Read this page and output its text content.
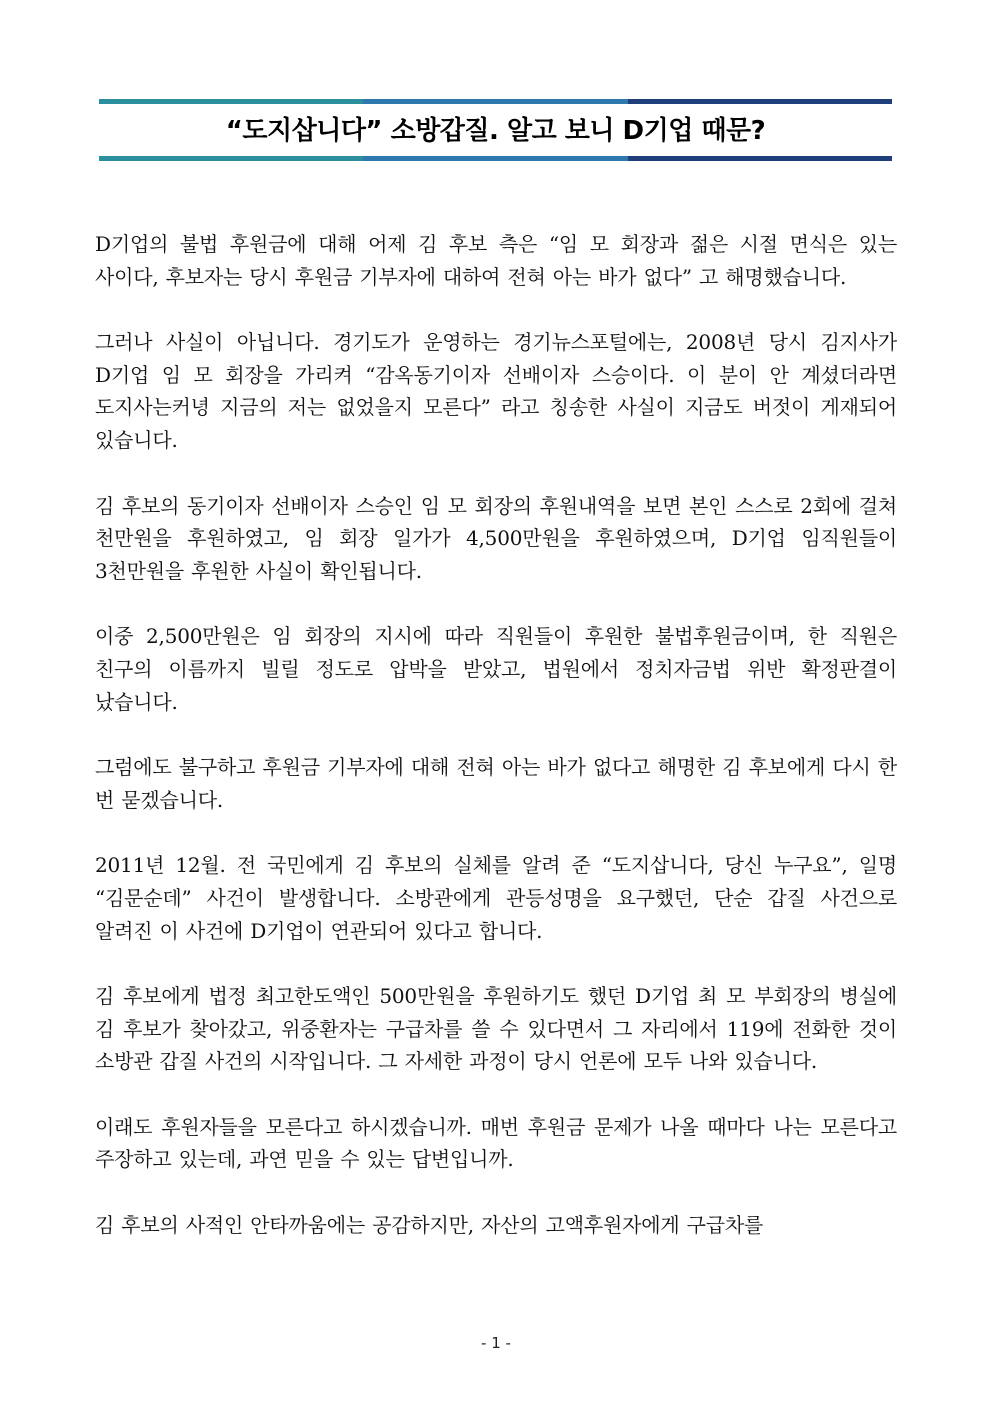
“도지삽니다” 소방갑질. 알고 보니 D기업 때문?

D기업의 불법 후원금에 대해 어제 김 후보 측은 “임 모 회장과 젊은 시절 면식은 있는 사이다, 후보자는 당시 후원금 기부자에 대하여 전혀 아는 바가 없다” 고 해명했습니다.

그러나 사실이 아닙니다. 경기도가 운영하는 경기뉴스포털에는, 2008년 당시 김지사가 D기업 임 모 회장을 가리켜 “감옥동기이자 선배이자 스승이다. 이 분이 안 계셨더라면 도지사는커녕 지금의 저는 없었을지 모른다” 라고 칭송한 사실이 지금도 버젓이 게재되어 있습니다.

김 후보의 동기이자 선배이자 스승인 임 모 회장의 후원내역을 보면 본인 스스로 2회에 걸쳐 천만원을 후원하였고, 임 회장 일가가 4,500만원을 후원하였으며, D기업 임직원들이 3천만원을 후원한 사실이 확인됩니다.

이중 2,500만원은 임 회장의 지시에 따라 직원들이 후원한 불법후원금이며, 한 직원은 친구의 이름까지 빌릴 정도로 압박을 받았고, 법원에서 정치자금법 위반 확정판결이 났습니다.

그럼에도 불구하고 후원금 기부자에 대해 전혀 아는 바가 없다고 해명한 김 후보에게 다시 한 번 묻겠습니다.

2011년 12월. 전 국민에게 김 후보의 실체를 알려 준 “도지삽니다, 당신 누구요”, 일명 “김문순데” 사건이 발생합니다. 소방관에게 관등성명을 요구했던, 단순 갑질 사건으로 알려진 이 사건에 D기업이 연관되어 있다고 합니다.

김 후보에게 법정 최고한도액인 500만원을 후원하기도 했던 D기업 최 모 부회장의 병실에 김 후보가 찾아갔고, 위중환자는 구급차를 쓸 수 있다면서 그 자리에서 119에 전화한 것이 소방관 갑질 사건의 시작입니다. 그 자세한 과정이 당시 언론에 모두 나와 있습니다.

이래도 후원자들을 모른다고 하시겠습니까. 매번 후원금 문제가 나올 때마다 나는 모른다고 주장하고 있는데, 과연 믿을 수 있는 답변입니까.

김 후보의 사적인 안타까움에는 공감하지만, 자산의 고액후원자에게 구급차를

- 1 -
